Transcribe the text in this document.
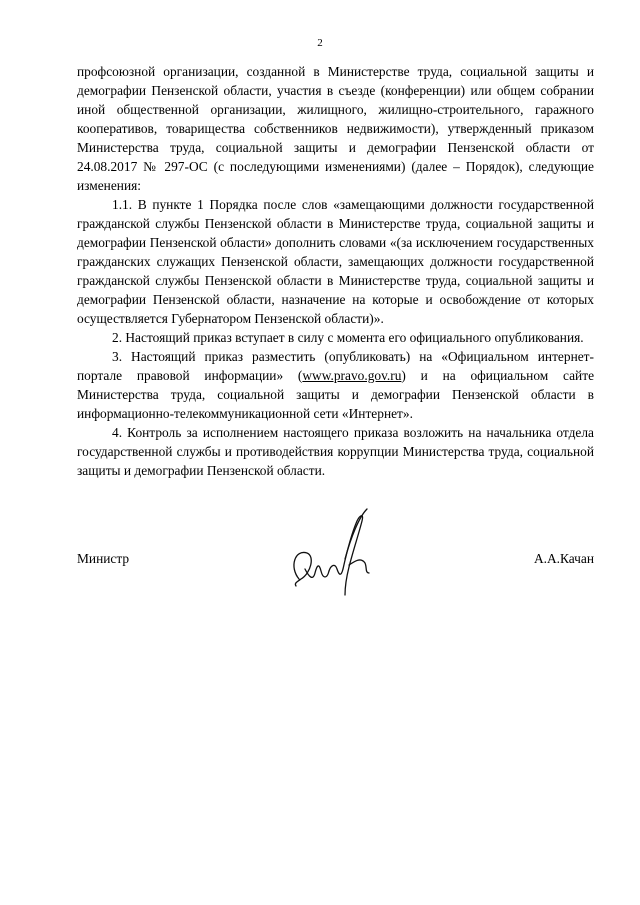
2

профсоюзной организации, созданной в Министерстве труда, социальной защиты и демографии Пензенской области, участия в съезде (конференции) или общем собрании иной общественной организации, жилищного, жилищно-строительного, гаражного кооперативов, товарищества собственников недвижимости), утвержденный приказом Министерства труда, социальной защиты и демографии Пензенской области от 24.08.2017 № 297-ОС (с последующими изменениями) (далее – Порядок), следующие изменения:

1.1. В пункте 1 Порядка после слов «замещающими должности государственной гражданской службы Пензенской области в Министерстве труда, социальной защиты и демографии Пензенской области» дополнить словами «(за исключением государственных гражданских служащих Пензенской области, замещающих должности государственной гражданской службы Пензенской области в Министерстве труда, социальной защиты и демографии Пензенской области, назначение на которые и освобождение от которых осуществляется Губернатором Пензенской области)».

2. Настоящий приказ вступает в силу с момента его официального опубликования.

3. Настоящий приказ разместить (опубликовать) на «Официальном интернет-портале правовой информации» (www.pravo.gov.ru) и на официальном сайте Министерства труда, социальной защиты и демографии Пензенской области в информационно-телекоммуникационной сети «Интернет».

4. Контроль за исполнением настоящего приказа возложить на начальника отдела государственной службы и противодействия коррупции Министерства труда, социальной защиты и демографии Пензенской области.

Министр	А.А.Качан
